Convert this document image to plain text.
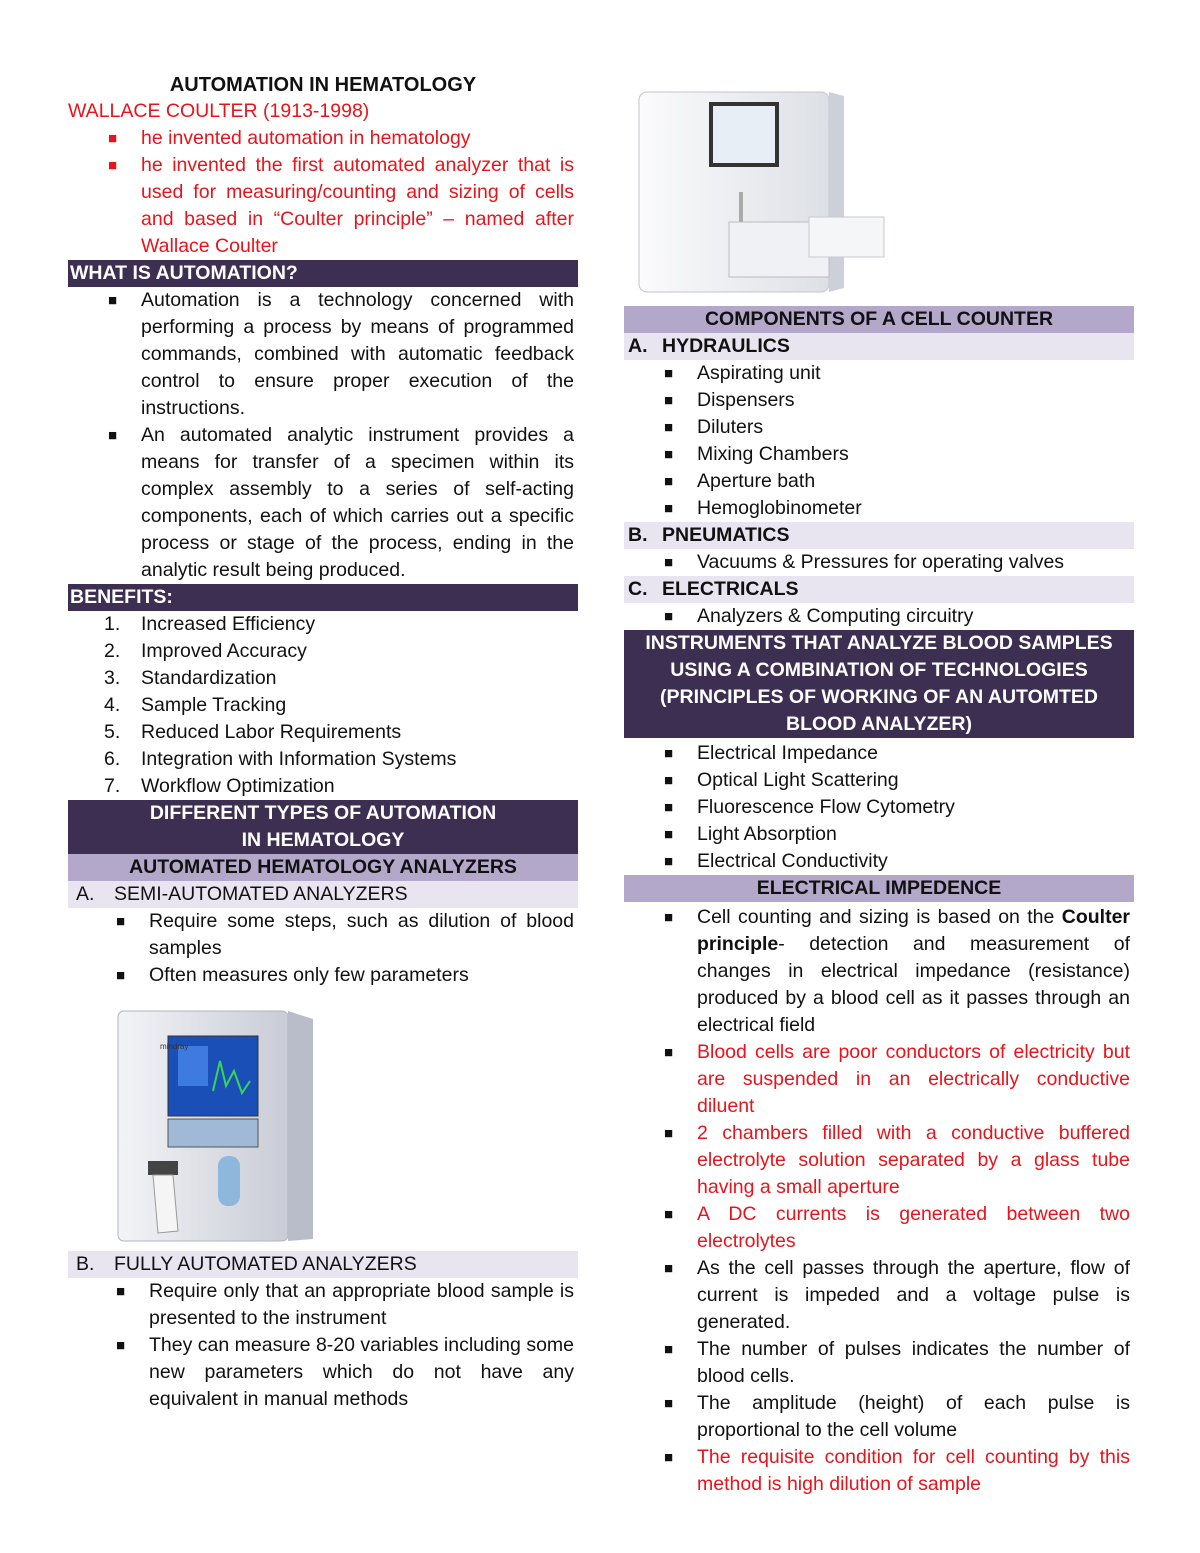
AUTOMATION IN HEMATOLOGY
WALLACE COULTER (1913-1998)
■ he invented automation in hematology
■ he invented the first automated analyzer that is used for measuring/counting and sizing of cells and based in “Coulter principle” – named after Wallace Coulter
WHAT IS AUTOMATION?
■ Automation is a technology concerned with performing a process by means of programmed commands, combined with automatic feedback control to ensure proper execution of the instructions.
■ An automated analytic instrument provides a means for transfer of a specimen within its complex assembly to a series of self-acting components, each of which carries out a specific process or stage of the process, ending in the analytic result being produced.
BENEFITS:
1. Increased Efficiency
2. Improved Accuracy
3. Standardization
4. Sample Tracking
5. Reduced Labor Requirements
6. Integration with Information Systems
7. Workflow Optimization
DIFFERENT TYPES OF AUTOMATION IN HEMATOLOGY
AUTOMATED HEMATOLOGY ANALYZERS
A. SEMI-AUTOMATED ANALYZERS
■ Require some steps, such as dilution of blood samples
■ Often measures only few parameters
mindray
B. FULLY AUTOMATED ANALYZERS
■ Require only that an appropriate blood sample is presented to the instrument
■ They can measure 8-20 variables including some new parameters which do not have any equivalent in manual methods
COMPONENTS OF A CELL COUNTER
A. HYDRAULICS
■ Aspirating unit
■ Dispensers
■ Diluters
■ Mixing Chambers
■ Aperture bath
■ Hemoglobinometer
B. PNEUMATICS
■ Vacuums & Pressures for operating valves
C. ELECTRICALS
■ Analyzers & Computing circuitry
INSTRUMENTS THAT ANALYZE BLOOD SAMPLES
USING A COMBINATION OF TECHNOLOGIES
(PRINCIPLES OF WORKING OF AN AUTOMTED
BLOOD ANALYZER)
■ Electrical Impedance
■ Optical Light Scattering
■ Fluorescence Flow Cytometry
■ Light Absorption
■ Electrical Conductivity
ELECTRICAL IMPEDENCE
■ Cell counting and sizing is based on the Coulter principle- detection and measurement of changes in electrical impedance (resistance) produced by a blood cell as it passes through an electrical field
■ Blood cells are poor conductors of electricity but are suspended in an electrically conductive diluent
■ 2 chambers filled with a conductive buffered electrolyte solution separated by a glass tube having a small aperture
■ A DC currents is generated between two electrolytes
■ As the cell passes through the aperture, flow of current is impeded and a voltage pulse is generated.
■ The number of pulses indicates the number of blood cells.
■ The amplitude (height) of each pulse is proportional to the cell volume
■ The requisite condition for cell counting by this method is high dilution of sample
